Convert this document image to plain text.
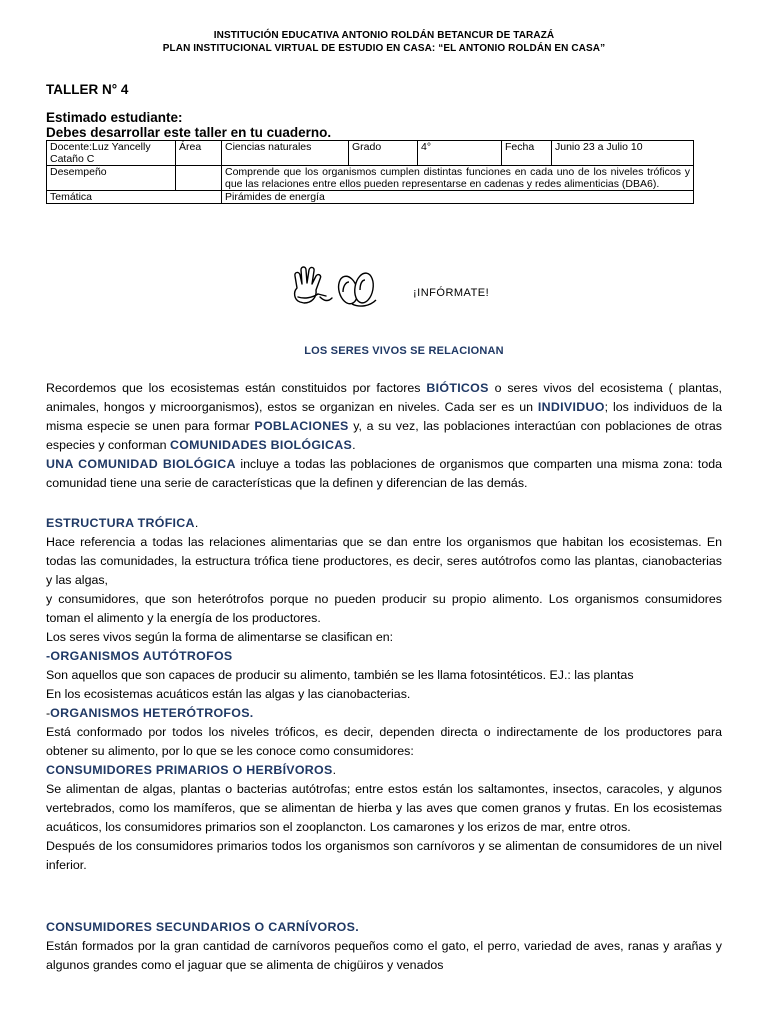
INSTITUCIÓN EDUCATIVA ANTONIO ROLDÁN BETANCUR DE TARAZÁ
PLAN INSTITUCIONAL VIRTUAL DE ESTUDIO EN CASA: “EL ANTONIO ROLDÁN EN CASA”
TALLER N° 4
Estimado estudiante:
Debes desarrollar este taller en tu cuaderno.
Docente:Luz Yancelly Cataño C	Área	Ciencias naturales	Grado	4°	Fecha	Junio 23 a Julio 10
Desempeño		Comprende que los organismos cumplen distintas funciones en cada uno de los niveles tróficos y que las relaciones entre ellos pueden representarse en cadenas y redes alimenticias (DBA6).				
Temática		Pirámides de energía				
¡INFÓRMATE!
LOS SERES VIVOS SE RELACIONAN

Recordemos que los ecosistemas están constituidos por factores BIÓTICOS o seres vivos del ecosistema ( plantas, animales, hongos y microorganismos), estos se organizan en niveles. Cada ser es un INDIVIDUO; los individuos de la misma especie se unen para formar POBLACIONES y, a su vez, las poblaciones interactúan con poblaciones de otras especies y conforman COMUNIDADES BIOLÓGICAS.

UNA COMUNIDAD BIOLÓGICA incluye a todas las poblaciones de organismos que comparten una misma zona: toda comunidad tiene una serie de características que la definen y diferencian de las demás.

ESTRUCTURA TRÓFICA.

Hace referencia a todas las relaciones alimentarias que se dan entre los organismos que habitan los ecosistemas. En todas las comunidades, la estructura trófica tiene productores, es decir, seres autótrofos como las plantas, cianobacterias y las algas,

y consumidores, que son heterótrofos porque no pueden producir su propio alimento. Los organismos consumidores toman el alimento y la energía de los productores.

Los seres vivos según la forma de alimentarse se clasifican en:

-ORGANISMOS AUTÓTROFOS

Son aquellos que son capaces de producir su alimento, también se les llama fotosintéticos. EJ.: las plantas

En los ecosistemas acuáticos están las algas y las cianobacterias.

-ORGANISMOS HETERÓTROFOS.

Está conformado por todos los niveles tróficos, es decir, dependen directa o indirectamente de los productores para obtener su alimento, por lo que se les conoce como consumidores:

CONSUMIDORES PRIMARIOS O HERBÍVOROS.

Se alimentan de algas, plantas o bacterias autótrofas; entre estos están los saltamontes, insectos, caracoles, y algunos vertebrados, como los mamíferos, que se alimentan de hierba y las aves que comen granos y frutas. En los ecosistemas acuáticos, los consumidores primarios son el zooplancton. Los camarones y los erizos de mar, entre otros.

Después de los consumidores primarios todos los organismos son carnívoros y se alimentan de consumidores de un nivel inferior.

CONSUMIDORES SECUNDARIOS O CARNÍVOROS.

Están formados por la gran cantidad de carnívoros pequeños como el gato, el perro, variedad de aves, ranas y arañas y algunos grandes como el jaguar que se alimenta de chigüiros y venados
